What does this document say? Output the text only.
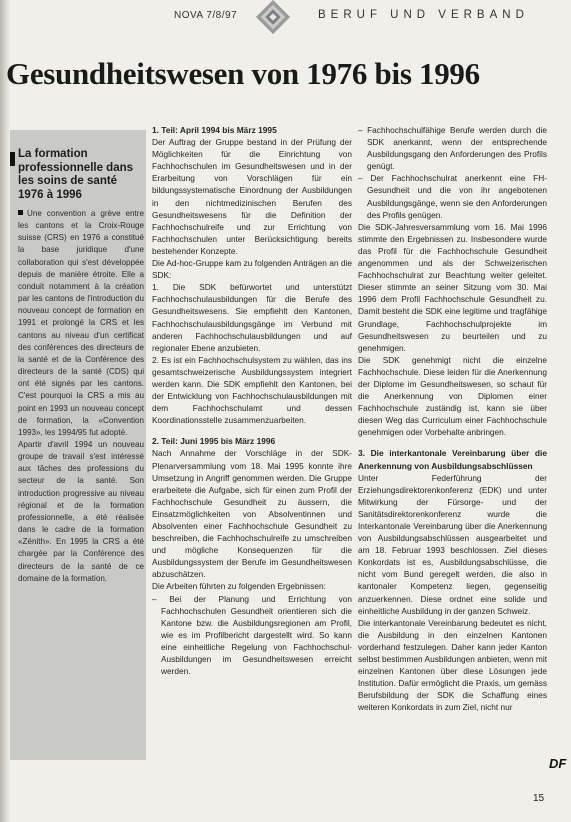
NOVA 7/8/97	BERUF UND VERBAND
Gesundheitswesen von 1976 bis 1996
La formation professionnelle dans les soins de santé 1976 à 1996

Une convention a grève entre les cantons et la Croix-Rouge suisse (CRS) en 1976 a constitué la base juridique d'une collaboration qui s'est développée depuis de manière étroite. Elle a conduit notamment à la création par les cantons de l'introduction du nouveau concept de formation en 1991 et prolongé la CRS et les cantons au niveau d'un certificat des conférences des directeurs de la santé et de la Conférence des directeurs de la santé (CDS) qui ont été signés par les cantons. C'est pourquoi la CRS a mis au point en 1993 un nouveau concept de formation, la «Convention 1993», les 1994/95 fut adopté.

Apartir d'avril 1994 un nouveau groupe de travail s'est intéressé aux tâches des professions du secteur de la santé. Son introduction progressive au niveau régional et de la formation professionnelle, a été réalisée dans le cadre de la formation «Zénith». En 1995 la CRS a été chargée par la Conférence des directeurs de la santé de ce domaine de la formation.

1. Teil: April 1994 bis März 1995

Der Auftrag der Gruppe bestand in der Prüfung der Möglichkeiten für die Einrichtung von Fachhochschulen im Gesundheitswesen und in der Erarbeitung von Vorschlägen für ein bildungssystematische Einordnung der Ausbildungen in den nichtmedizinischen Berufen des Gesundheitswesens für die Definition der Fachhochschulreife und zur Errichtung von Fachhochschulen unter Berücksichtigung bereits bestehender Konzepte.

Die Ad-hoc-Gruppe kam zu folgenden Anträgen an die SDK:

1. Die SDK befürwortet und unterstützt Fachhochschulausbildungen für die Berufe des Gesundheitswesens. Sie empfiehlt den Kantonen, Fachhochschulausbildungsgänge im Verbund mit anderen Fachhochschulausbildungen und auf regionaler Ebene anzubieten.

2. Es ist ein Fachhochschulsystem zu wählen, das ins gesamtschweizerische Ausbildungssystem integriert werden kann. Die SDK empfiehlt den Kantonen, bei der Entwicklung von Fachhochschulausbildungen mit dem Fachhochschulamt und dessen Koordinationsstelle zusammenzuarbeiten.

2. Teil: Juni 1995 bis März 1996

Nach Annahme der Vorschläge in der SDK-Plenarversammlung vom 18. Mai 1995 konnte ihre Umsetzung in Angriff genommen werden. Die Gruppe erarbeitete die Aufgabe, sich für einen zum Profil der Fachhochschule Gesundheit zu äussern, die Einsatzmöglichkeiten von Absolventinnen und Absolventen einer Fachhochschule Gesundheit zu beschreiben, die Fachhochschulreife zu umschreiben und mögliche Konsequenzen für die Ausbildungssystem der Berufe im Gesundheitswesen abzuschätzen.

Die Arbeiten führten zu folgenden Ergebnissen:

– Bei der Planung und Errichtung von Fachhochschulen Gesundheit orientieren sich die Kantone bzw. die Ausbildungsregionen am Profil, wie es im Profilbericht dargestellt wird. So kann eine einheitliche Regelung von Fachhochschul-Ausbildungen im Gesundheitswesen erreicht werden.

– Fachhochschulfähige Berufe werden durch die SDK anerkannt, wenn der entsprechende Ausbildungsgang den Anforderungen des Profils genügt.

– Der Fachhochschulrat anerkennt eine FH-Gesundheit und die von ihr angebotenen Ausbildungsgänge, wenn sie den Anforderungen des Profils genügen.

Die SDK-Jahresversammlung vom 16. Mai 1996 stimmte den Ergebnissen zu. Insbesondere wurde das Profil für die Fachhochschule Gesundheit angenommen und als der Schweizerischen Fachhochschulrat zur Beachtung weiter geleitet. Dieser stimmte an seiner Sitzung vom 30. Mai 1996 dem Profil Fachhochschule Gesundheit zu. Damit besteht die SDK eine legitime und tragfähige Grundlage, Fachhochschulprojekte im Gesundheitswesen zu beurteilen und zu genehmigen.

Die SDK genehmigt nicht die einzelne Fachhochschule. Diese leiden für die Anerkennung der Diplome im Gesundheitswesen, so schaut für die Anerkennung von Diplomen einer Fachhochschule zuständig ist, kann sie über diesen Weg das Curriculum einer Fachhochschule genehmigen oder Vorbehalte anbringen.

3. Die interkantonale Vereinbarung über die Anerkennung von Ausbildungsabschlüssen

Unter Federführung der Erziehungsdirektorenkonferenz (EDK) und unter Mitwirkung der Fürsorge- und der Sanitätsdirektorenkonferenz wurde die Interkantonale Vereinbarung über die Anerkennung von Ausbildungsabschlüssen ausgearbeitet und am 18. Februar 1993 beschlossen. Ziel dieses Konkordats ist es, Ausbildungsabschlüsse, die nicht vom Bund geregelt werden, die also in kantonaler Kompetenz liegen, gegenseitig anzuerkennen. Diese ordnet eine solide und einheitliche Ausbildung in der ganzen Schweiz.

Die interkantonale Vereinbarung bedeutet es nicht, die Ausbildung in den einzelnen Kantonen vorderhand festzulegen. Daher kann jeder Kanton selbst bestimmen Ausbildungen anbieten, wenn mit einzelnen Kantonen über diese Lösungen jede Institution. Dafür ermöglicht die Praxis, um gemäss Berufsbildung der SDK die Schaffung eines weiteren Konkordats in zum Ziel, nicht nur

DF
15
